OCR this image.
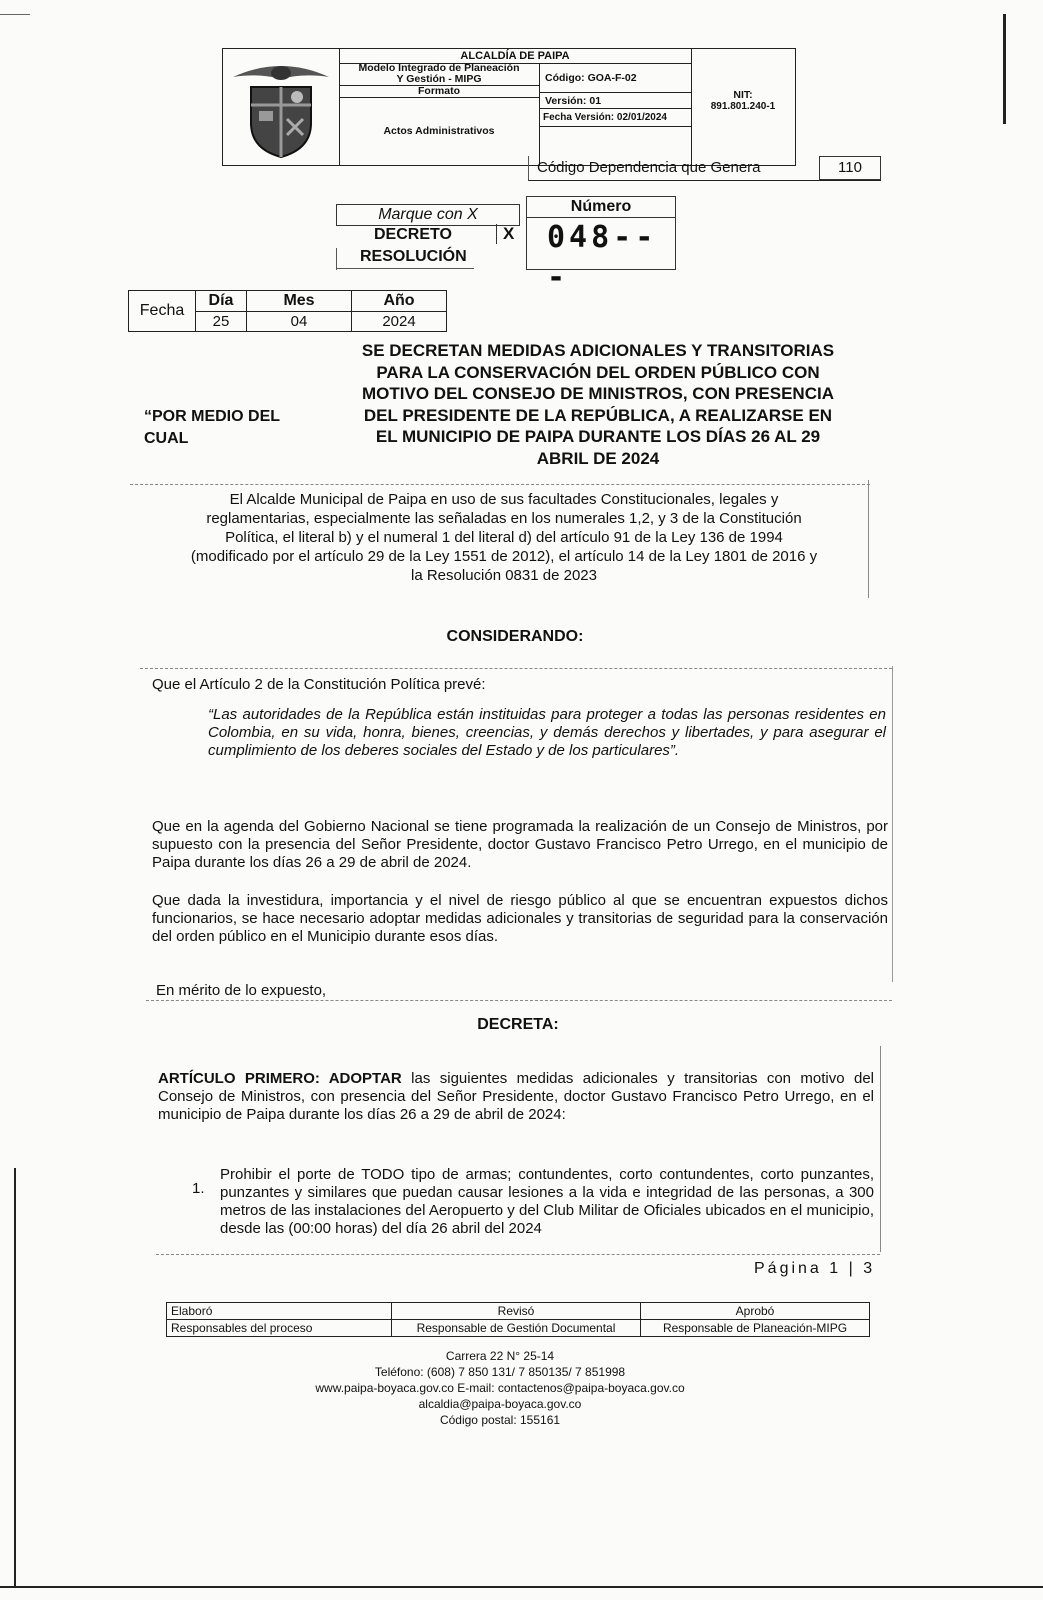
ALCALDÍA DE PAIPA
Modelo Integrado de Planeación
Y Gestión - MIPG
Formato
Actos Administrativos
Código: GOA-F-02
Versión: 01
Fecha Versión: 02/01/2024
NIT:
891.801.240-1
Código Dependencia que Genera	110
Marque con X
DECRETO	X
RESOLUCIÓN
Número
048---
Fecha	Día	Mes	Año
	25	04	2024
“POR MEDIO DEL CUAL
SE DECRETAN MEDIDAS ADICIONALES Y TRANSITORIAS
PARA LA CONSERVACIÓN DEL ORDEN PÚBLICO CON
MOTIVO DEL CONSEJO DE MINISTROS, CON PRESENCIA
DEL PRESIDENTE DE LA REPÚBLICA, A REALIZARSE EN
EL MUNICIPIO DE PAIPA DURANTE LOS DÍAS 26 AL 29
ABRIL DE 2024
El Alcalde Municipal de Paipa en uso de sus facultades Constitucionales, legales y
reglamentarias, especialmente las señaladas en los numerales 1,2, y 3 de la Constitución
Política, el literal b) y el numeral 1 del literal d) del artículo 91 de la Ley 136 de 1994
(modificado por el artículo 29 de la Ley 1551 de 2012), el artículo 14 de la Ley 1801 de 2016 y
la Resolución 0831 de 2023
CONSIDERANDO:
Que el Artículo 2 de la Constitución Política prevé:
“Las autoridades de la República están instituidas para proteger a todas las personas residentes en Colombia, en su vida, honra, bienes, creencias, y demás derechos y libertades, y para asegurar el cumplimiento de los deberes sociales del Estado y de los particulares”.
Que en la agenda del Gobierno Nacional se tiene programada la realización de un Consejo de Ministros, por supuesto con la presencia del Señor Presidente, doctor Gustavo Francisco Petro Urrego, en el municipio de Paipa durante los días 26 a 29 de abril de 2024.
Que dada la investidura, importancia y el nivel de riesgo público al que se encuentran expuestos dichos funcionarios, se hace necesario adoptar medidas adicionales y transitorias de seguridad para la conservación del orden público en el Municipio durante esos días.
En mérito de lo expuesto,
DECRETA:
ARTÍCULO PRIMERO: ADOPTAR las siguientes medidas adicionales y transitorias con motivo del Consejo de Ministros, con presencia del Señor Presidente, doctor Gustavo Francisco Petro Urrego, en el municipio de Paipa durante los días 26 a 29 de abril de 2024:
1.
Prohibir el porte de TODO tipo de armas; contundentes, corto contundentes, corto punzantes, punzantes y similares que puedan causar lesiones a la vida e integridad de las personas, a 300 metros de las instalaciones del Aeropuerto y del Club Militar de Oficiales ubicados en el municipio, desde las (00:00 horas) del día 26 abril del 2024
Página 1 | 3
Elaboró	Revisó	Aprobó
Responsables del proceso	Responsable de Gestión Documental	Responsable de Planeación-MIPG
Carrera 22 N° 25-14
Teléfono: (608) 7 850 131/ 7 850135/ 7 851998
www.paipa-boyaca.gov.co E-mail: contactenos@paipa-boyaca.gov.co
alcaldia@paipa-boyaca.gov.co
Código postal: 155161
